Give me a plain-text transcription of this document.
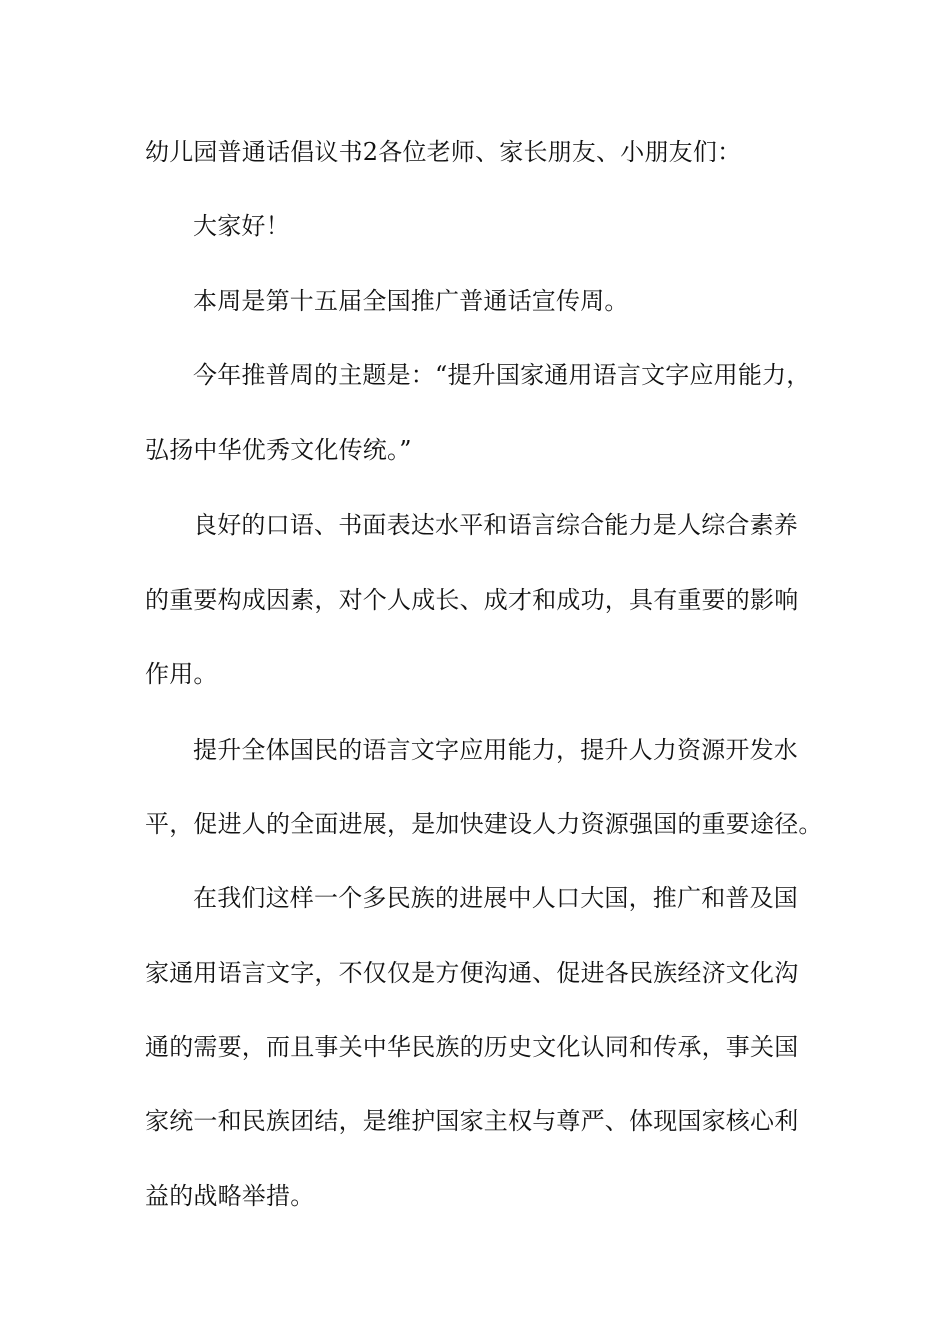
幼儿园普通话倡议书2各位老师、家长朋友、小朋友们：
大家好！
本周是第十五届全国推广普通话宣传周。
今年推普周的主题是：“提升国家通用语言文字应用能力，
弘扬中华优秀文化传统。”
良好的口语、书面表达水平和语言综合能力是人综合素养
的重要构成因素，对个人成长、成才和成功，具有重要的影响
作用。
提升全体国民的语言文字应用能力，提升人力资源开发水
平，促进人的全面进展，是加快建设人力资源强国的重要途径。
在我们这样一个多民族的进展中人口大国，推广和普及国
家通用语言文字，不仅仅是方便沟通、促进各民族经济文化沟
通的需要，而且事关中华民族的历史文化认同和传承，事关国
家统一和民族团结，是维护国家主权与尊严、体现国家核心利
益的战略举措。
